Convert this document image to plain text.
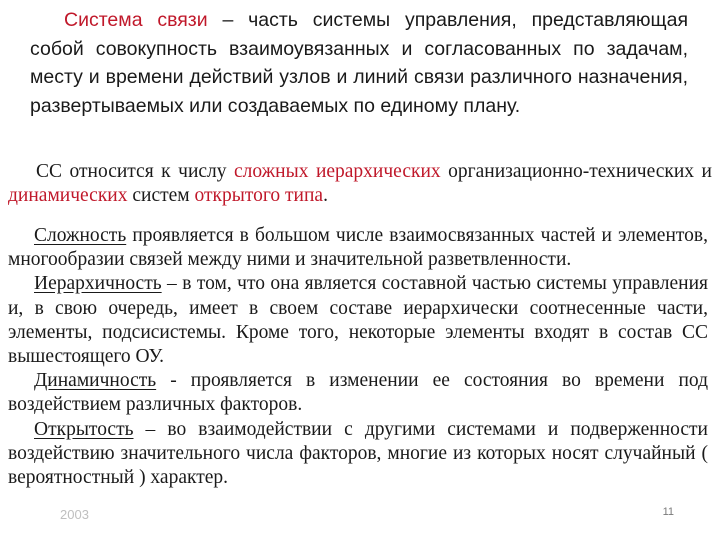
Система связи – часть системы управления, представляющая собой совокупность взаимоувязанных и согласованных по задачам, месту и времени действий узлов и линий связи различного назначения, развертываемых или создаваемых по единому плану.

СС относится к числу сложных иерархических организационно-технических и динамических систем открытого типа.

Сложность проявляется в большом числе взаимосвязанных частей и элементов, многообразии связей между ними и значительной разветвленности.

Иерархичность – в том, что она является составной частью системы управления и, в свою очередь, имеет в своем составе иерархически соотнесенные части, элементы, подсисистемы. Кроме того, некоторые элементы входят в состав СС вышестоящего ОУ.

Динамичность - проявляется в изменении ее состояния во времени под воздействием различных факторов.

Открытость – во взаимодействии с другими системами и подверженности воздействию значительного числа факторов, многие из которых носят случайный ( вероятностный ) характер.

2003	11
